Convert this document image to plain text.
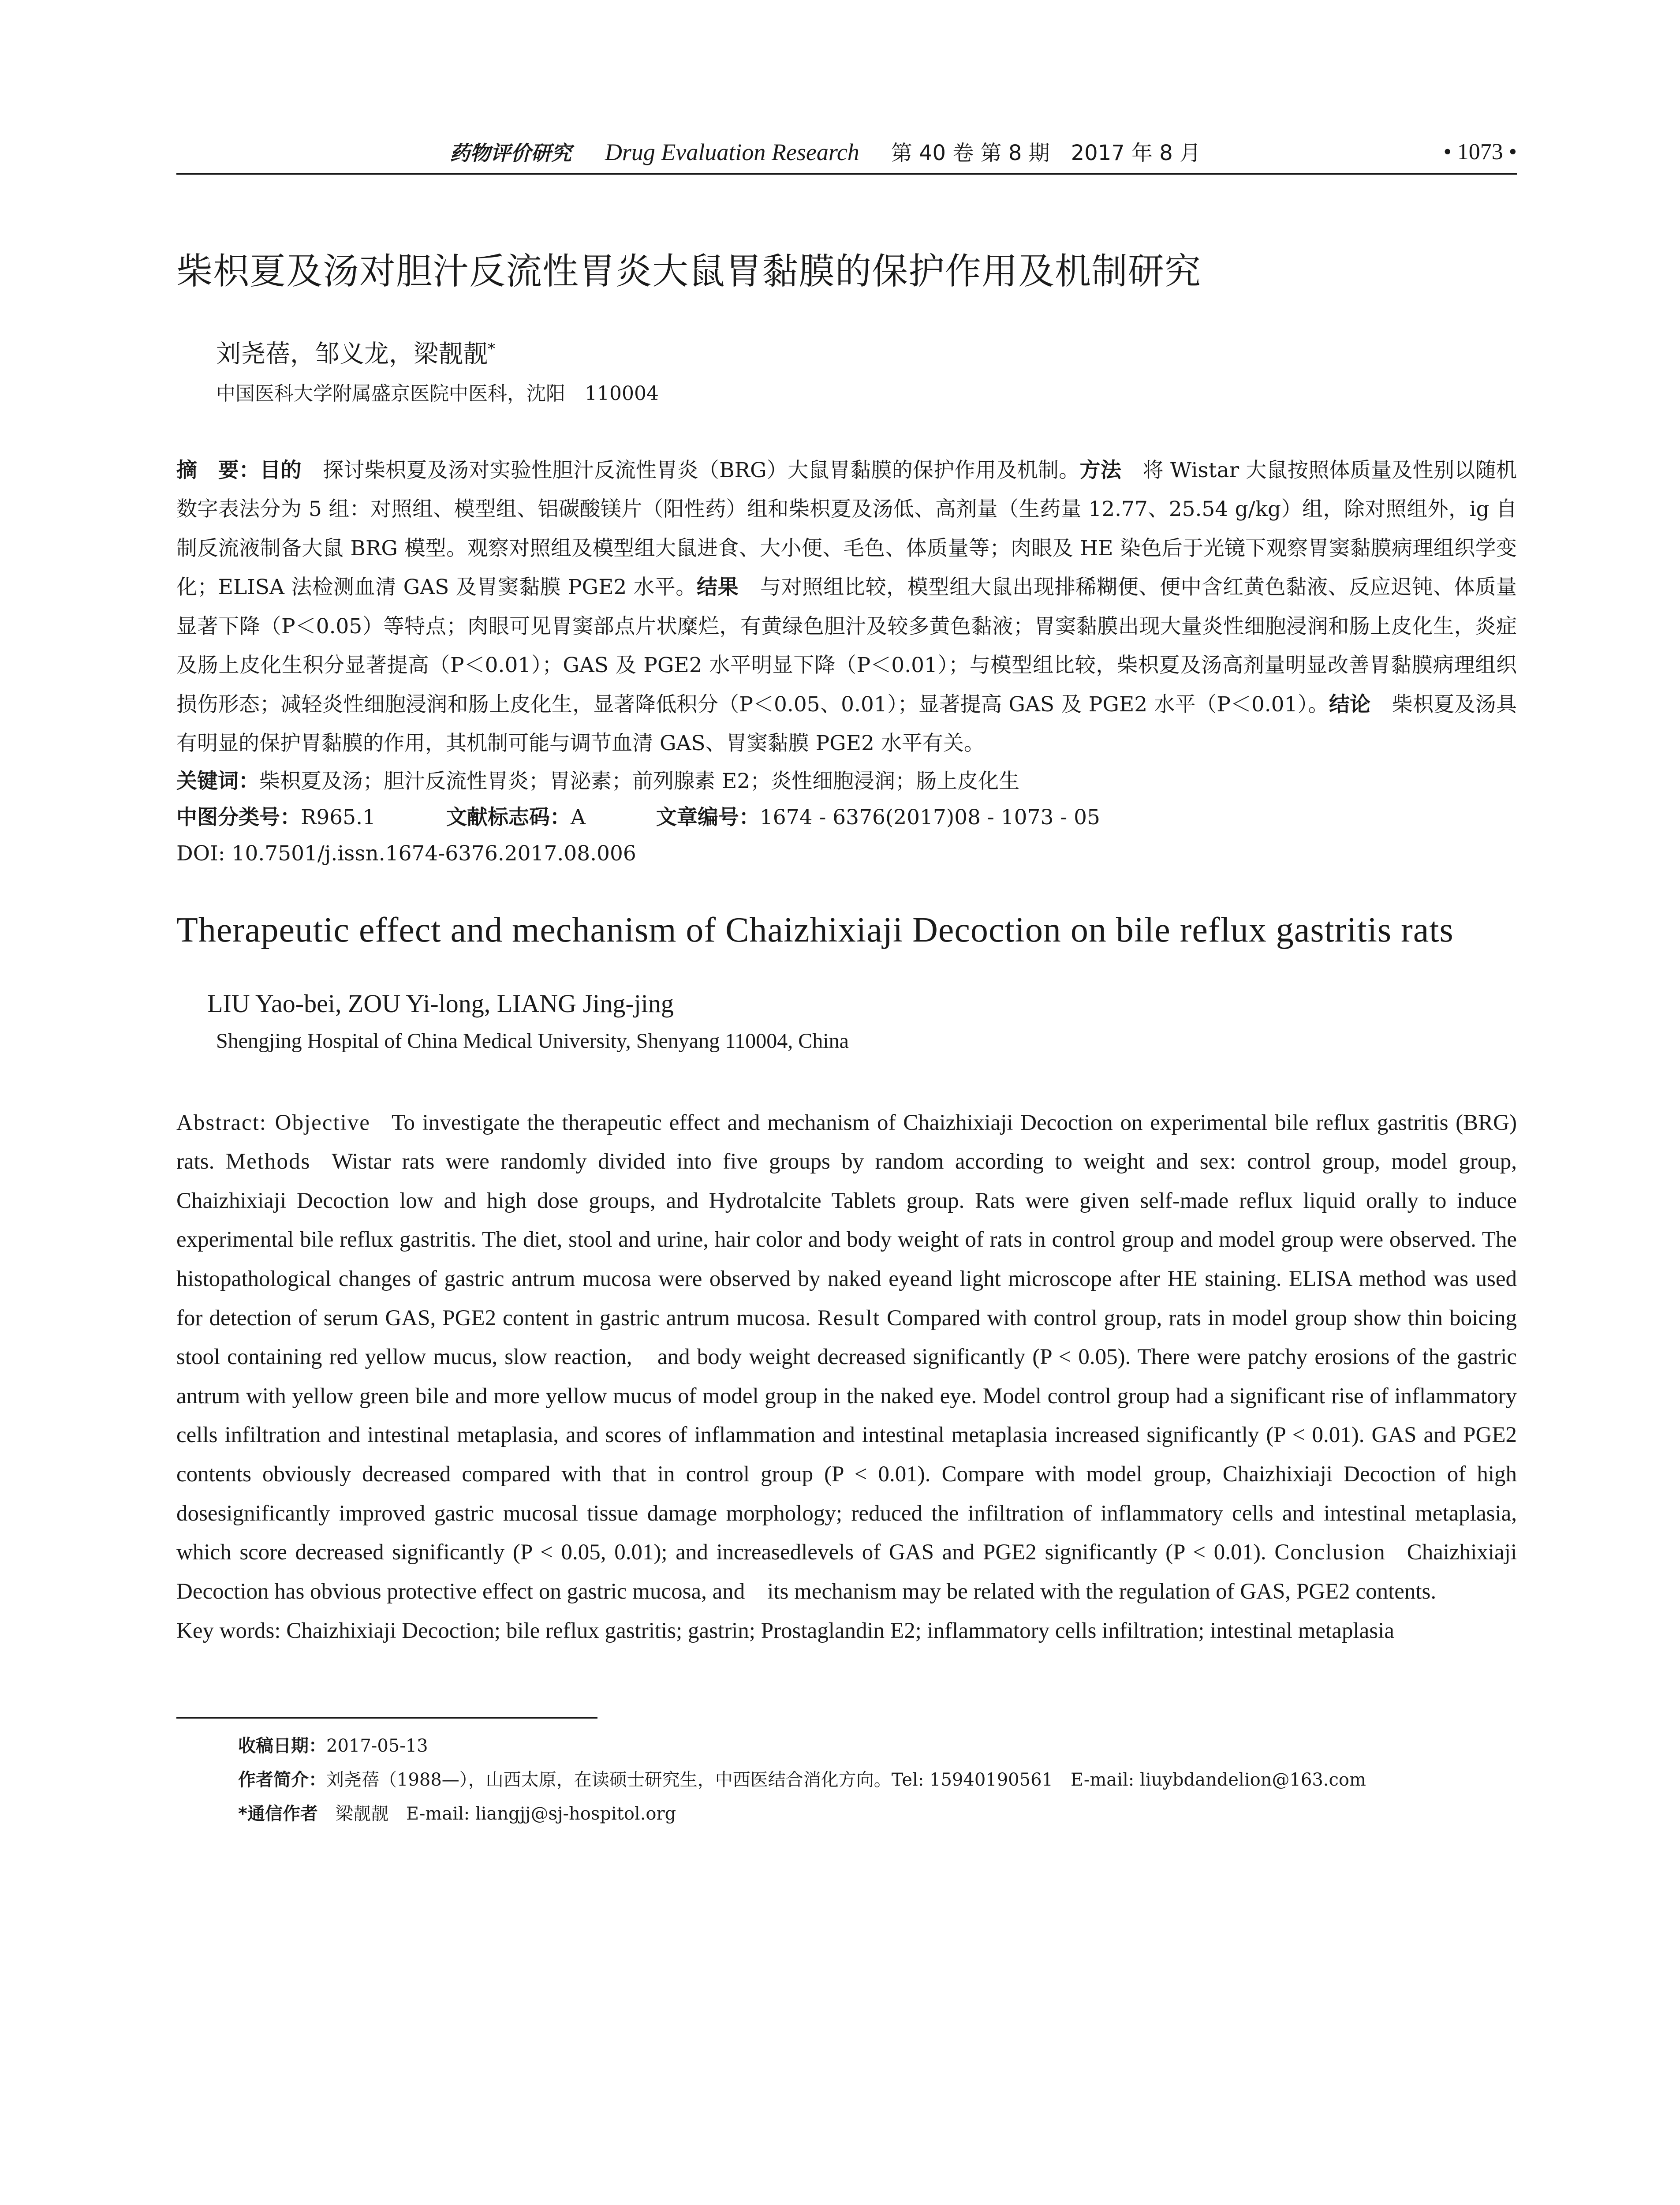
药物评价研究 Drug Evaluation Research 第 40 卷 第 8 期　2017 年 8 月	• 1073 •
柴枳夏及汤对胆汁反流性胃炎大鼠胃黏膜的保护作用及机制研究
刘尧蓓，邹义龙，梁靓靓*
中国医科大学附属盛京医院中医科，沈阳　110004
摘　要：目的 探讨柴枳夏及汤对实验性胆汁反流性胃炎（BRG）大鼠胃黏膜的保护作用及机制。方法 将 Wistar 大鼠按照体质量及性别以随机数字表法分为 5 组：对照组、模型组、铝碳酸镁片（阳性药）组和柴枳夏及汤低、高剂量（生药量 12.77、25.54 g/kg）组，除对照组外，ig 自制反流液制备大鼠 BRG 模型。观察对照组及模型组大鼠进食、大小便、毛色、体质量等；肉眼及 HE 染色后于光镜下观察胃窦黏膜病理组织学变化；ELISA 法检测血清 GAS 及胃窦黏膜 PGE2 水平。结果 与对照组比较，模型组大鼠出现排稀糊便、便中含红黄色黏液、反应迟钝、体质量显著下降（P＜0.05）等特点；肉眼可见胃窦部点片状糜烂，有黄绿色胆汁及较多黄色黏液；胃窦黏膜出现大量炎性细胞浸润和肠上皮化生，炎症及肠上皮化生积分显著提高（P＜0.01）；GAS 及 PGE2 水平明显下降（P＜0.01）；与模型组比较，柴枳夏及汤高剂量明显改善胃黏膜病理组织损伤形态；减轻炎性细胞浸润和肠上皮化生，显著降低积分（P＜0.05、0.01）；显著提高 GAS 及 PGE2 水平（P＜0.01）。结论 柴枳夏及汤具有明显的保护胃黏膜的作用，其机制可能与调节血清 GAS、胃窦黏膜 PGE2 水平有关。
关键词：柴枳夏及汤；胆汁反流性胃炎；胃泌素；前列腺素 E2；炎性细胞浸润；肠上皮化生
中图分类号：R965.1	文献标志码：A	文章编号：1674 - 6376(2017)08 - 1073 - 05
DOI: 10.7501/j.issn.1674-6376.2017.08.006
Therapeutic effect and mechanism of Chaizhixiaji Decoction on bile reflux gastritis rats
LIU Yao-bei, ZOU Yi-long, LIANG Jing-jing
Shengjing Hospital of China Medical University, Shenyang 110004, China
Abstract: Objective To investigate the therapeutic effect and mechanism of Chaizhixiaji Decoction on experimental bile reflux gastritis (BRG) rats. Methods Wistar rats were randomly divided into five groups by random according to weight and sex: control group, model group, Chaizhixiaji Decoction low and high dose groups, and Hydrotalcite Tablets group. Rats were given self-made reflux liquid orally to induce experimental bile reflux gastritis. The diet, stool and urine, hair color and body weight of rats in control group and model group were observed. The histopathological changes of gastric antrum mucosa were observed by naked eyeand light microscope after HE staining. ELISA method was used for detection of serum GAS, PGE2 content in gastric antrum mucosa. Result Compared with control group, rats in model group show thin boicing stool containing red yellow mucus, slow reaction,　and body weight decreased significantly (P < 0.05). There were patchy erosions of the gastric antrum with yellow green bile and more yellow mucus of model group in the naked eye. Model control group had a significant rise of inflammatory cells infiltration and intestinal metaplasia, and scores of inflammation and intestinal metaplasia increased significantly (P < 0.01). GAS and PGE2 contents obviously decreased compared with that in control group (P < 0.01). Compare with model group, Chaizhixiaji Decoction of high dosesignificantly improved gastric mucosal tissue damage morphology; reduced the infiltration of inflammatory cells and intestinal metaplasia, which score decreased significantly (P < 0.05, 0.01); and increasedlevels of GAS and PGE2 significantly (P < 0.01). Conclusion Chaizhixiaji Decoction has obvious protective effect on gastric mucosa, and　its mechanism may be related with the regulation of GAS, PGE2 contents.
Key words: Chaizhixiaji Decoction; bile reflux gastritis; gastrin; Prostaglandin E2; inflammatory cells infiltration; intestinal metaplasia
收稿日期：2017-05-13
作者简介：刘尧蓓（1988—），山西太原，在读硕士研究生，中西医结合消化方向。Tel: 15940190561　E-mail: liuybdandelion@163.com
*通信作者 梁靓靓　E-mail: liangjj@sj-hospitol.org
